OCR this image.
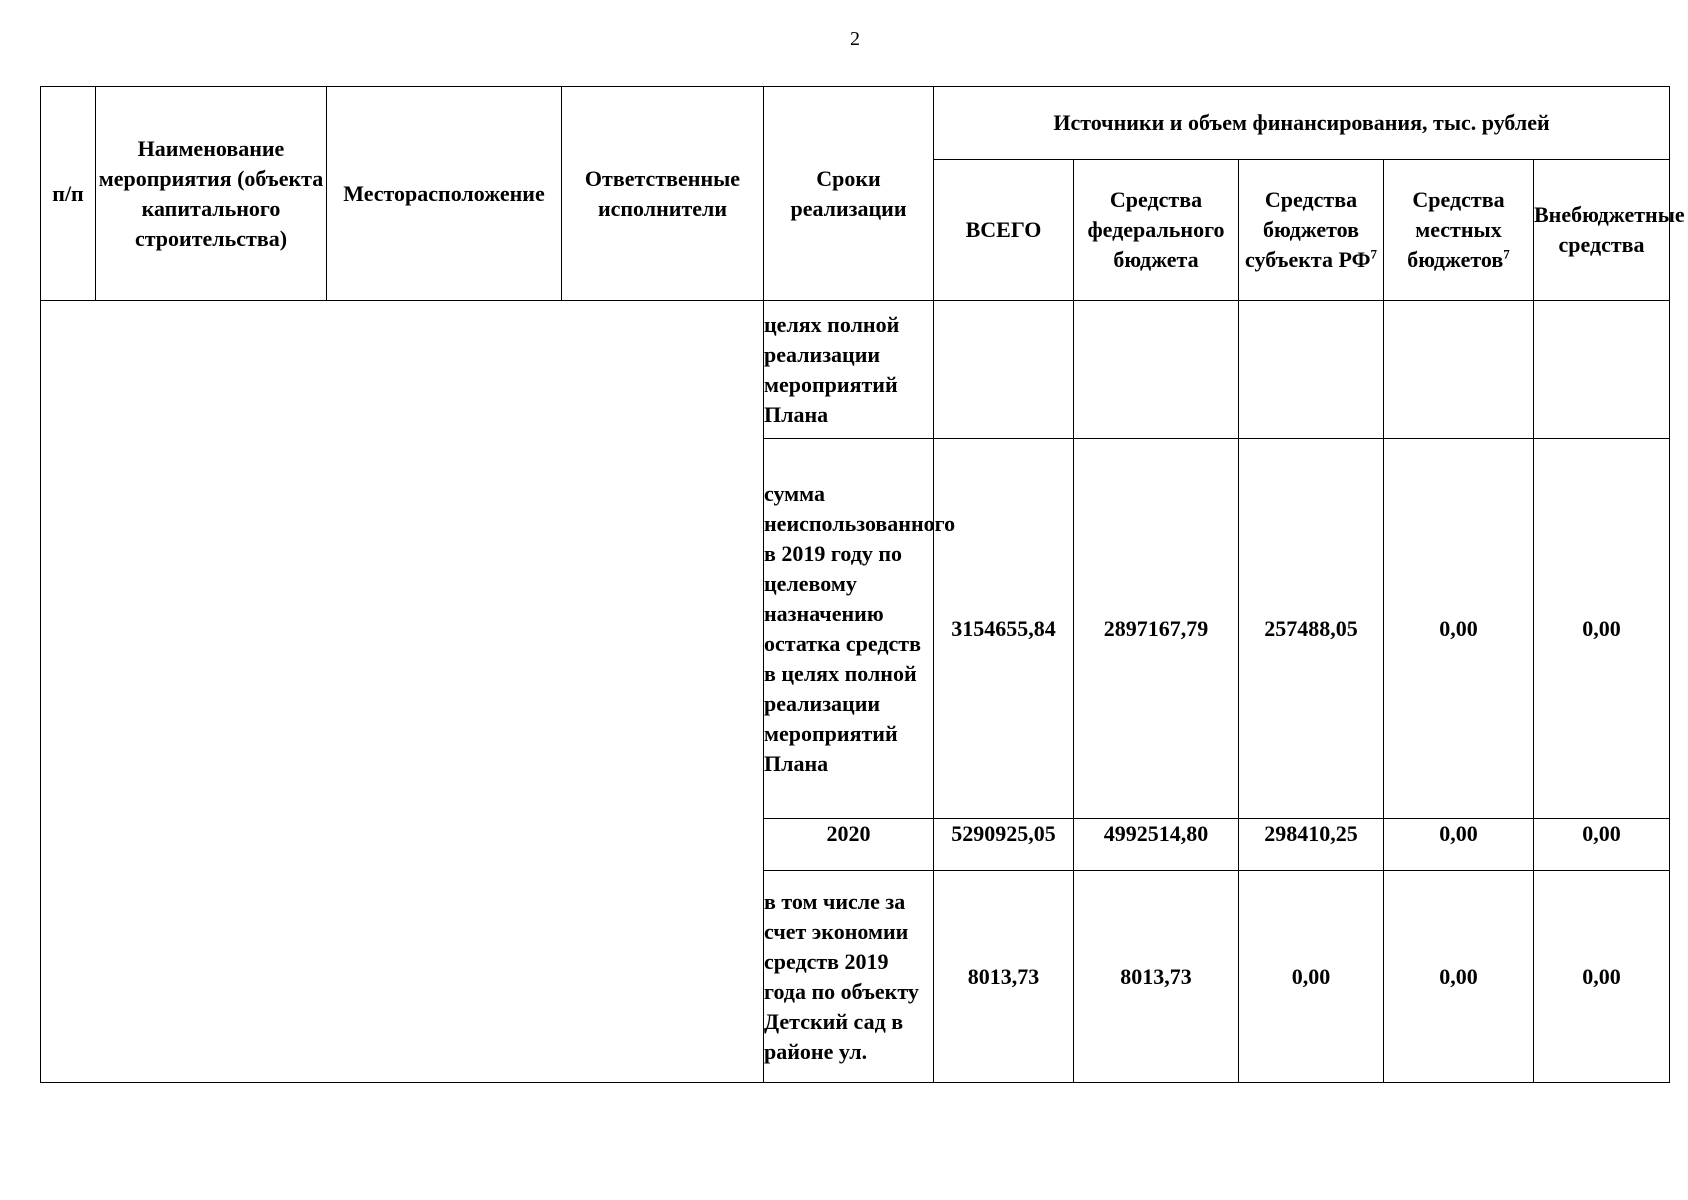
2
п/п	Наименование мероприятия (объекта капитального строительства)	Месторасположение	Ответственные исполнители	Сроки реализации	Источники и объем финансирования, тыс. рублей				
					ВСЕГО	Средства федерального бюджета	Средства бюджетов субъекта $РФ^7$	Средства местных бюджетов$^7$	Внебюджетные средства
				целях полной реализации мероприятий Плана					
				сумма неиспользованного в 2019 году по целевому назначению остатка средств в целях полной реализации мероприятий Плана	3154655,84	2897167,79	257488,05	0,00	0,00
				2020	5290925,05	4992514,80	298410,25	0,00	0,00
				в том числе за счет экономии средств 2019 года по объекту Детский сад в районе ул.	8013,73	8013,73	0,00	0,00	0,00
